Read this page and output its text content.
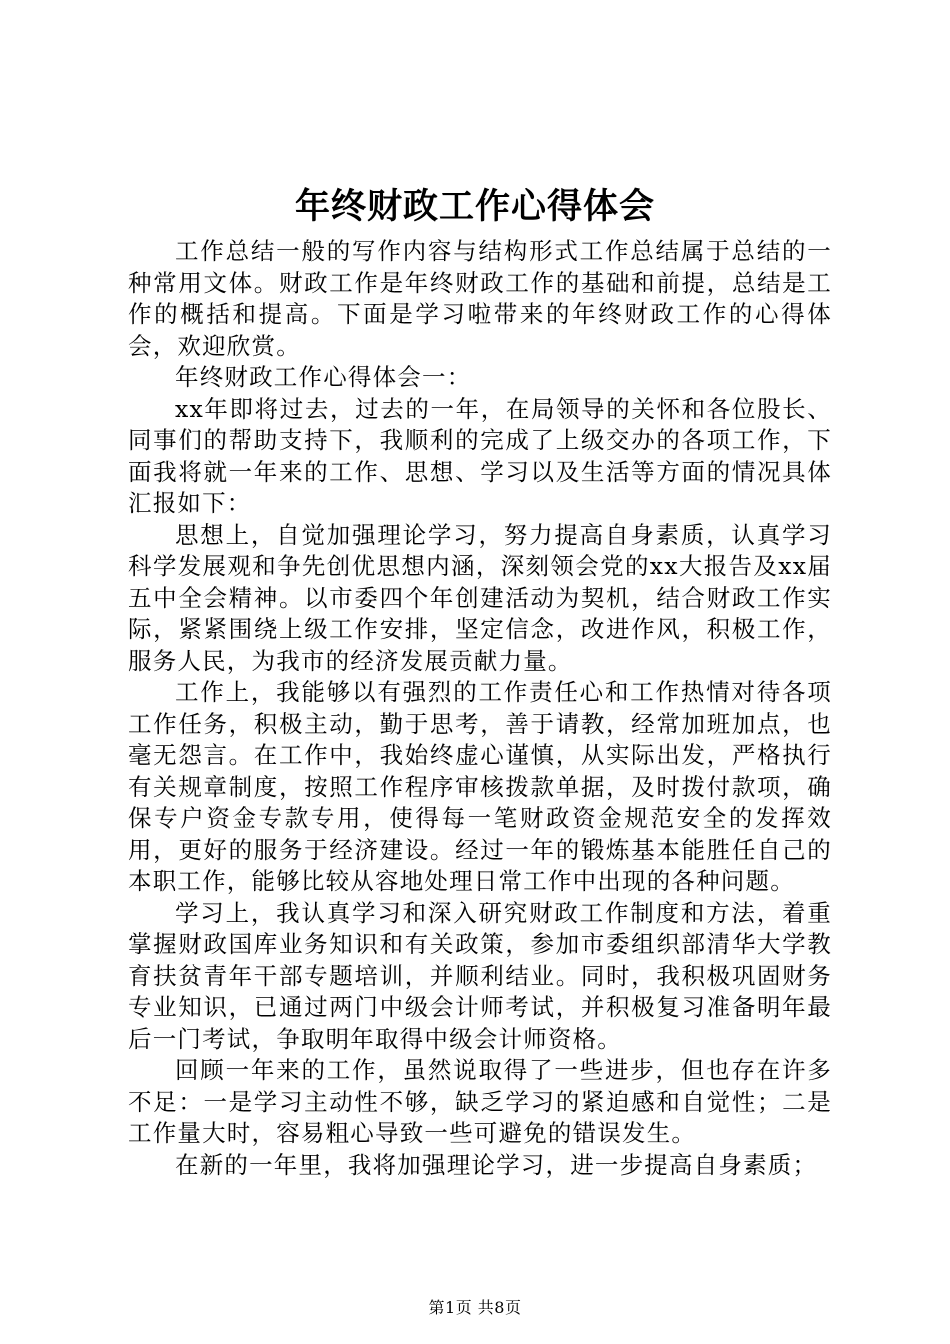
年终财政工作心得体会

工作总结一般的写作内容与结构形式工作总结属于总结的一种常用文体。财政工作是年终财政工作的基础和前提，总结是工作的概括和提高。下面是学习啦带来的年终财政工作的心得体会，欢迎欣赏。

年终财政工作心得体会一：

xx年即将过去，过去的一年，在局领导的关怀和各位股长、同事们的帮助支持下，我顺利的完成了上级交办的各项工作，下面我将就一年来的工作、思想、学习以及生活等方面的情况具体汇报如下：

思想上，自觉加强理论学习，努力提高自身素质，认真学习科学发展观和争先创优思想内涵，深刻领会党的xx大报告及xx届五中全会精神。以市委四个年创建活动为契机，结合财政工作实际，紧紧围绕上级工作安排，坚定信念，改进作风，积极工作，服务人民，为我市的经济发展贡献力量。

工作上，我能够以有强烈的工作责任心和工作热情对待各项工作任务，积极主动，勤于思考，善于请教，经常加班加点，也毫无怨言。在工作中，我始终虚心谨慎，从实际出发，严格执行有关规章制度，按照工作程序审核拨款单据，及时拨付款项，确保专户资金专款专用，使得每一笔财政资金规范安全的发挥效用，更好的服务于经济建设。经过一年的锻炼基本能胜任自己的本职工作，能够比较从容地处理日常工作中出现的各种问题。

学习上，我认真学习和深入研究财政工作制度和方法，着重掌握财政国库业务知识和有关政策，参加市委组织部清华大学教育扶贫青年干部专题培训，并顺利结业。同时，我积极巩固财务专业知识，已通过两门中级会计师考试，并积极复习准备明年最后一门考试，争取明年取得中级会计师资格。

回顾一年来的工作，虽然说取得了一些进步，但也存在许多不足：一是学习主动性不够，缺乏学习的紧迫感和自觉性；二是工作量大时，容易粗心导致一些可避免的错误发生。

在新的一年里，我将加强理论学习，进一步提高自身素质；

第1页 共8页
